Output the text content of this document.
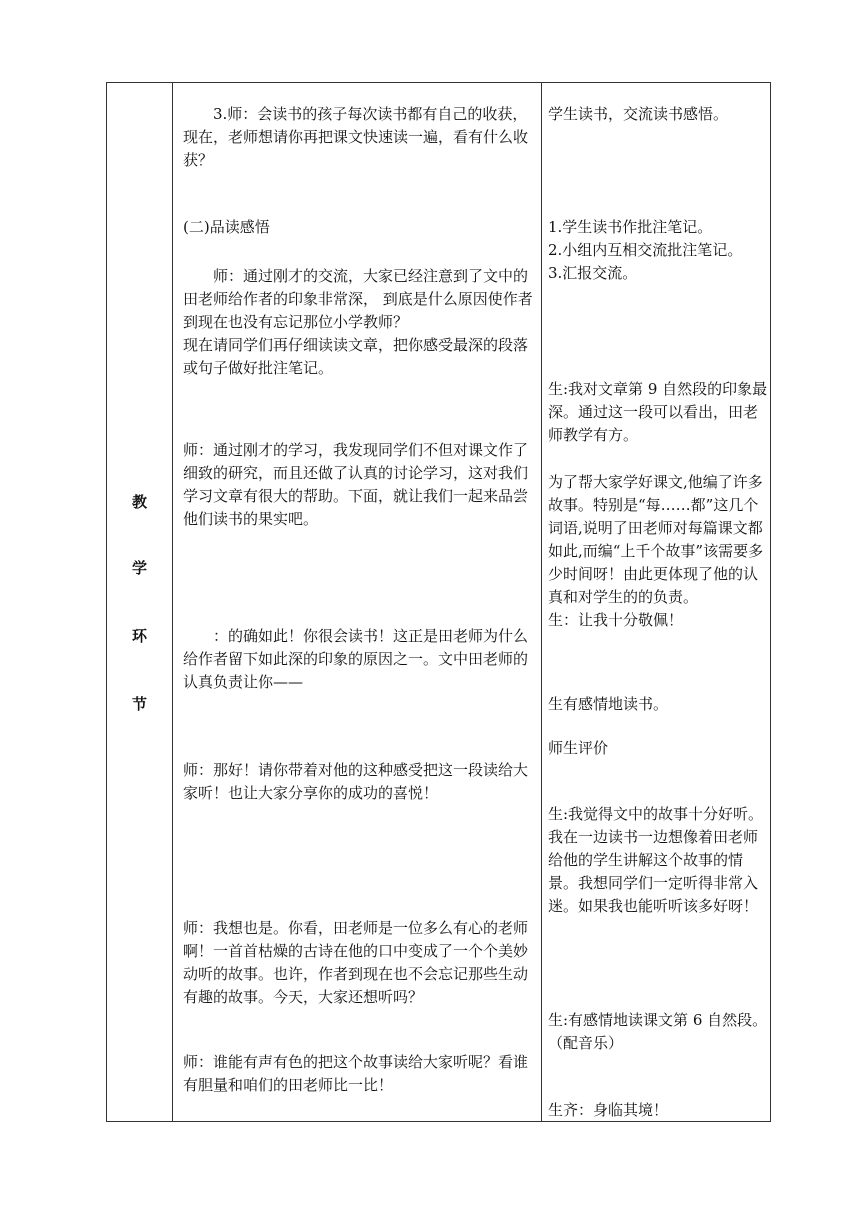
教
学
环
节

　　3.师：会读书的孩子每次读书都有自己的收获，现在，老师想请你再把课文快速读一遍，看有什么收获？

(二)品读感悟

　　师：通过刚才的交流，大家已经注意到了文中的田老师给作者的印象非常深， 到底是什么原因使作者到现在也没有忘记那位小学教师？
现在请同学们再仔细读读文章，把你感受最深的段落或句子做好批注笔记。

师：通过刚才的学习，我发现同学们不但对课文作了细致的研究，而且还做了认真的讨论学习，这对我们学习文章有很大的帮助。下面，就让我们一起来品尝他们读书的果实吧。

　　：的确如此！你很会读书！这正是田老师为什么给作者留下如此深的印象的原因之一。文中田老师的认真负责让你——

师：那好！请你带着对他的这种感受把这一段读给大家听！也让大家分享你的成功的喜悦！

师：我想也是。你看，田老师是一位多么有心的老师啊！一首首枯燥的古诗在他的口中变成了一个个美妙动听的故事。也许，作者到现在也不会忘记那些生动有趣的故事。今天，大家还想听吗？

师：谁能有声有色的把这个故事读给大家听呢？看谁有胆量和咱们的田老师比一比！

学生读书，交流读书感悟。

1.学生读书作批注笔记。
2.小组内互相交流批注笔记。
3.汇报交流。

生:我对文章第 9 自然段的印象最深。通过这一段可以看出，田老师教学有方。

为了帮大家学好课文,他编了许多故事。特别是“每……都”这几个词语,说明了田老师对每篇课文都如此,而编“上千个故事”该需要多少时间呀！由此更体现了他的认真和对学生的的负责。
生：让我十分敬佩！

生有感情地读书。

师生评价

生:我觉得文中的故事十分好听。我在一边读书一边想像着田老师给他的学生讲解这个故事的情景。我想同学们一定听得非常入迷。如果我也能听听该多好呀！

生:有感情地读课文第 6 自然段。（配音乐）

生齐：身临其境！
